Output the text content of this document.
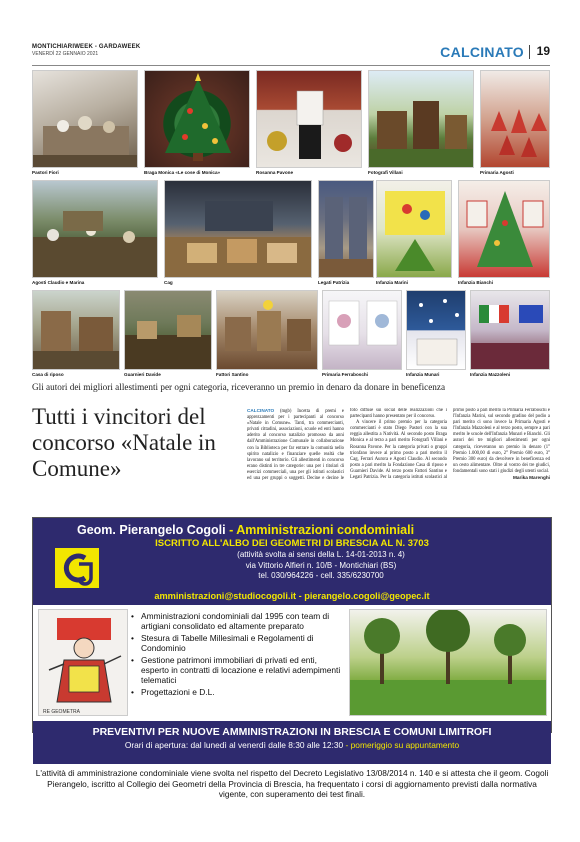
MONTICHIARIWEEK - GARDAWEEK
VENERDÌ 22 GENNAIO 2021	CALCINATO 19
Pastori Fiori	Braga Monica «Le cose di Monica»	Rosanna Pavone	Fotografi Villani	Primaria Agosti
Agosti Claudio e Marina	Cag	Legati Patrizia	Infanzia Marini	Infanzia Bianchi
Casa di riposo	Guarnieri Davide	Fattori Santino	Primaria Ferraboschi	Infanzia Munari	Infanzia Mazzoleni
Gli autori dei migliori allestimenti per ogni categoria, riceveranno un premio in denaro da donare in beneficenza
Tutti i vincitori del concorso «Natale in Comune»

CALCINATO (mgb) Incetta di premi e apprezzamenti per i partecipanti al concorso «Natale in Comune». Tanti, tra commercianti, privati cittadini, associazioni, scuole ed enti hanno aderito al concorso natalizio promosso da anni dall'Amministrazione Comunale in collaborazione con la Biblioteca per far entrare la comunità nello spirito natalizio e finanziare quelle realtà che lavorano sul territorio. Gli allestimenti in concorso erano distinti in tre categorie: una per i titolari di esercizi commerciali, una per gli istituti scolastici ed una per gruppi o soggetti. Decine e decine le foto diffuse sui social delle realizzazioni che i partecipanti hanno presentato per il concorso.

A vincere il primo premio per la categoria commercianti è stato Diego Pastori con la sua reggia allestita a Natività. Al secondo posto Braga Monica e al terzo a pari merito Fotografi Villani e Rosanna Pavone. Per la categoria privati o gruppi trionfano invece al primo posto a pari merito il Cag, Ferrari Aurora e Agosti Claudio. Al secondo posto a pari merito la Fondazione Casa di riposo e Guarnieri Davide. Al terzo posto Fattori Santino e Legati Patrizia. Per la categoria istituti scolastici al primo posto a pari merito la Primaria Ferraboschi e l'Infanzia Marini, sul secondo gradino del podio a pari merito ci sono invece la Primaria Agosti e l'Infanzia Mazzoleni e al terzo posto, sempre a pari merito le scuole dell'Infanzia Munari e Bianchi. Gli autori dei tre migliori allestimenti per ogni categoria, riceveranno un premio in denaro (1° Premio 1.000,00 di euro, 2° Premio 600 euro, 3° Premio 300 euro) da devolvere in beneficenza ed un cesto alimentare. Oltre al vostro dei tre giudici, fondamentali sono stati i giudizi degli utenti social.

Marika Marenghi

Geom. Pierangelo Cogoli - Amministrazioni condominiali
ISCRITTO ALL'ALBO DEI GEOMETRI DI BRESCIA AL N. 3703
(attività svolta ai sensi della L. 14-01-2013 n. 4)
via Vittorio Alfieri n. 10/B - Montichiari (BS)
tel. 030/964226 - cell. 335/6230700
amministrazioni@studiocogoli.it - pierangelo.cogoli@geopec.it
RE GEOMETRA
• Amministrazioni condominiali dal 1995 con team di artigiani consolidato ed altamente preparato
• Stesura di Tabelle Millesimali e Regolamenti di Condominio
• Gestione patrimoni immobiliari di privati ed enti, esperto in contratti di locazione e relativi adempimenti telematici
• Progettazioni e D.L.
PREVENTIVI PER NUOVE AMMINISTRAZIONI IN BRESCIA E COMUNI LIMITROFI
Orari di apertura: dal lunedì al venerdì dalle 8:30 alle 12:30 - pomeriggio su appuntamento
L'attività di amministrazione condominiale viene svolta nel rispetto del Decreto Legislativo 13/08/2014 n. 140 e si attesta che il geom. Cogoli Pierangelo, iscritto al Collegio dei Geometri della Provincia di Brescia, ha frequentato i corsi di aggiornamento previsti dalla normativa vigente, con superamento dei test finali.
